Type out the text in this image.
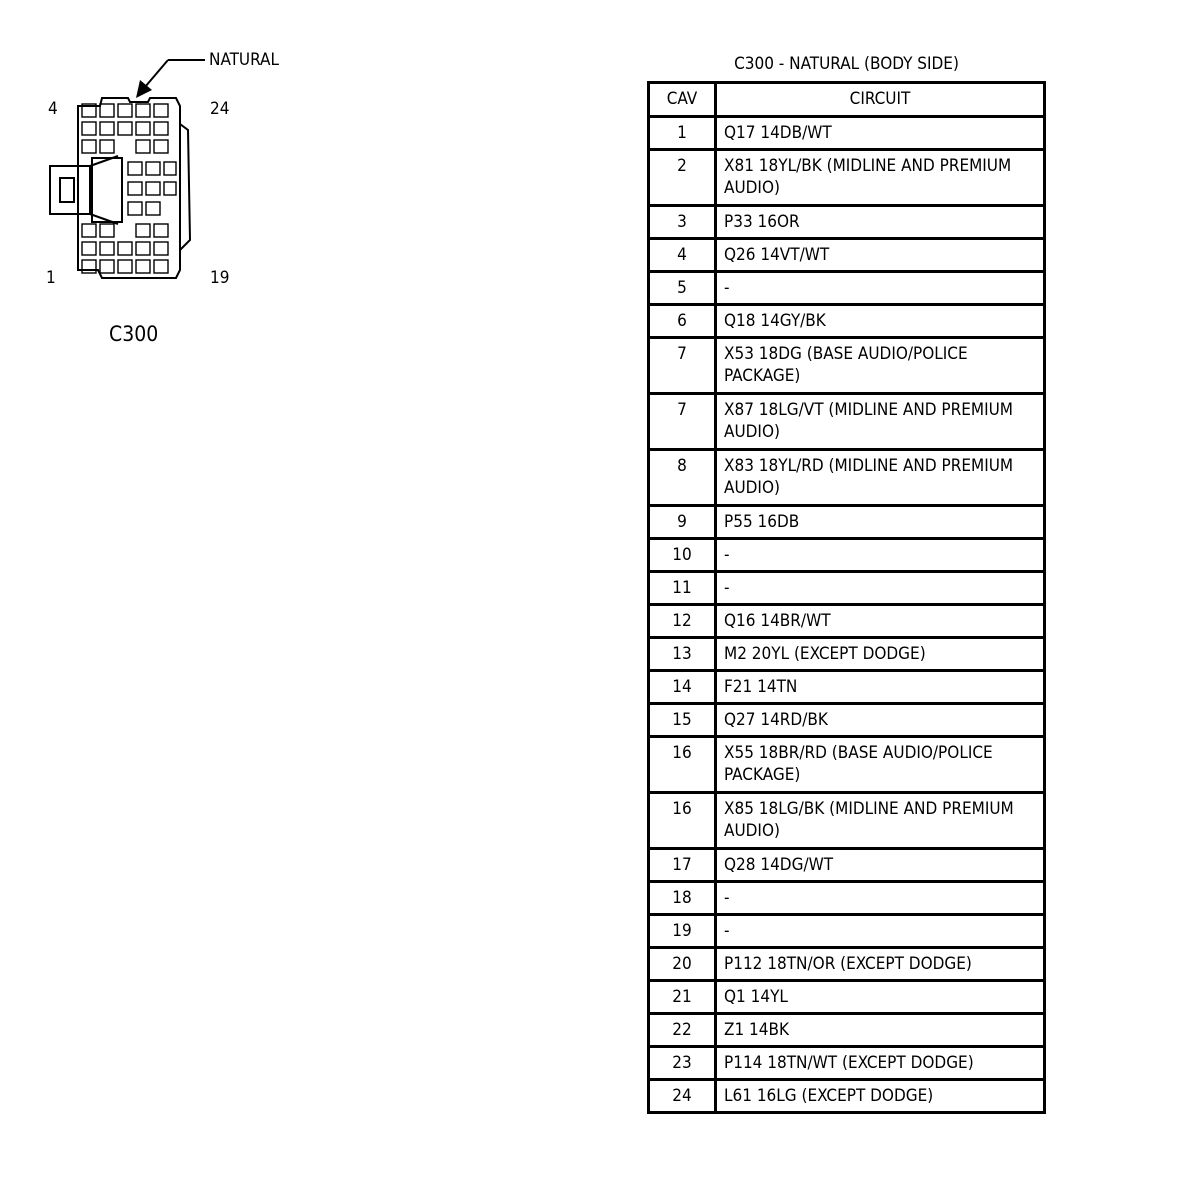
NATURAL
4	24
1	19
C300
C300 - NATURAL (BODY SIDE)
CAV	CIRCUIT
1	Q17 14DB/WT
2	X81 18YL/BK (MIDLINE AND PREMIUM AUDIO)
3	P33 16OR
4	Q26 14VT/WT
5	-
6	Q18 14GY/BK
7	X53 18DG (BASE AUDIO/POLICE PACKAGE)
7	X87 18LG/VT (MIDLINE AND PREMIUM AUDIO)
8	X83 18YL/RD (MIDLINE AND PREMIUM AUDIO)
9	P55 16DB
10	-
11	-
12	Q16 14BR/WT
13	M2 20YL (EXCEPT DODGE)
14	F21 14TN
15	Q27 14RD/BK
16	X55 18BR/RD (BASE AUDIO/POLICE PACKAGE)
16	X85 18LG/BK (MIDLINE AND PREMIUM AUDIO)
17	Q28 14DG/WT
18	-
19	-
20	P112 18TN/OR (EXCEPT DODGE)
21	Q1 14YL
22	Z1 14BK
23	P114 18TN/WT (EXCEPT DODGE)
24	L61 16LG (EXCEPT DODGE)
